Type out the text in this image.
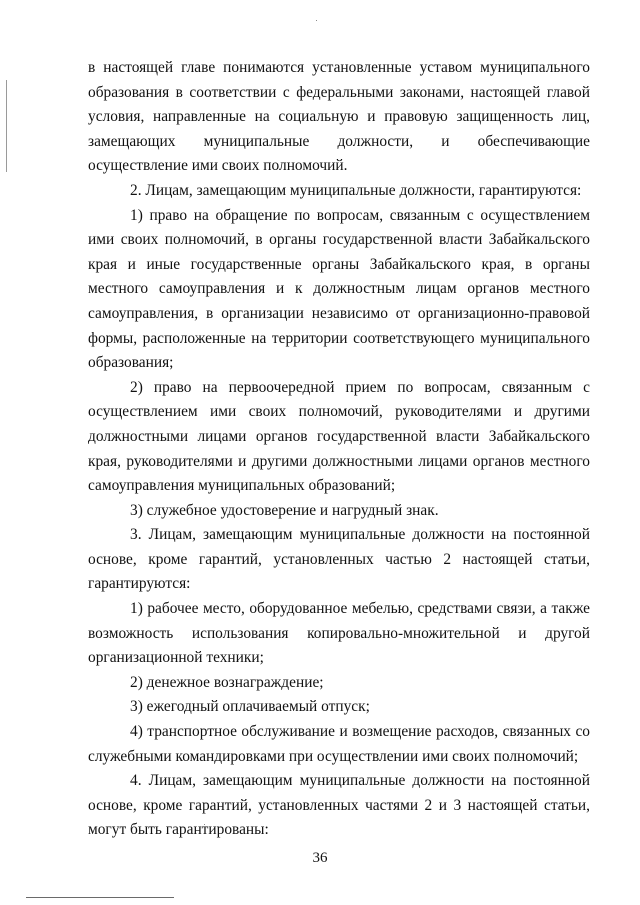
в настоящей главе понимаются установленные уставом муниципального образования в соответствии с федеральными законами, настоящей главой условия, направленные на социальную и правовую защищенность лиц, замещающих муниципальные должности, и обеспечивающие осуществление ими своих полномочий.

2. Лицам, замещающим муниципальные должности, гарантируются:

1) право на обращение по вопросам, связанным с осуществлением ими своих полномочий, в органы государственной власти Забайкальского края и иные государственные органы Забайкальского края, в органы местного самоуправления и к должностным лицам органов местного самоуправления, в организации независимо от организационно-правовой формы, расположенные на территории соответствующего муниципального образования;

2) право на первоочередной прием по вопросам, связанным с осуществлением ими своих полномочий, руководителями и другими должностными лицами органов государственной власти Забайкальского края, руководителями и другими должностными лицами органов местного самоуправления муниципальных образований;

3) служебное удостоверение и нагрудный знак.

3. Лицам, замещающим муниципальные должности на постоянной основе, кроме гарантий, установленных частью 2 настоящей статьи, гарантируются:

1) рабочее место, оборудованное мебелью, средствами связи, а также возможность использования копировально-множительной и другой организационной техники;

2) денежное вознаграждение;

3) ежегодный оплачиваемый отпуск;

4) транспортное обслуживание и возмещение расходов, связанных со служебными командировками при осуществлении ими своих полномочий;

4. Лицам, замещающим муниципальные должности на постоянной основе, кроме гарантий, установленных частями 2 и 3 настоящей статьи, могут быть гарантированы:

36
